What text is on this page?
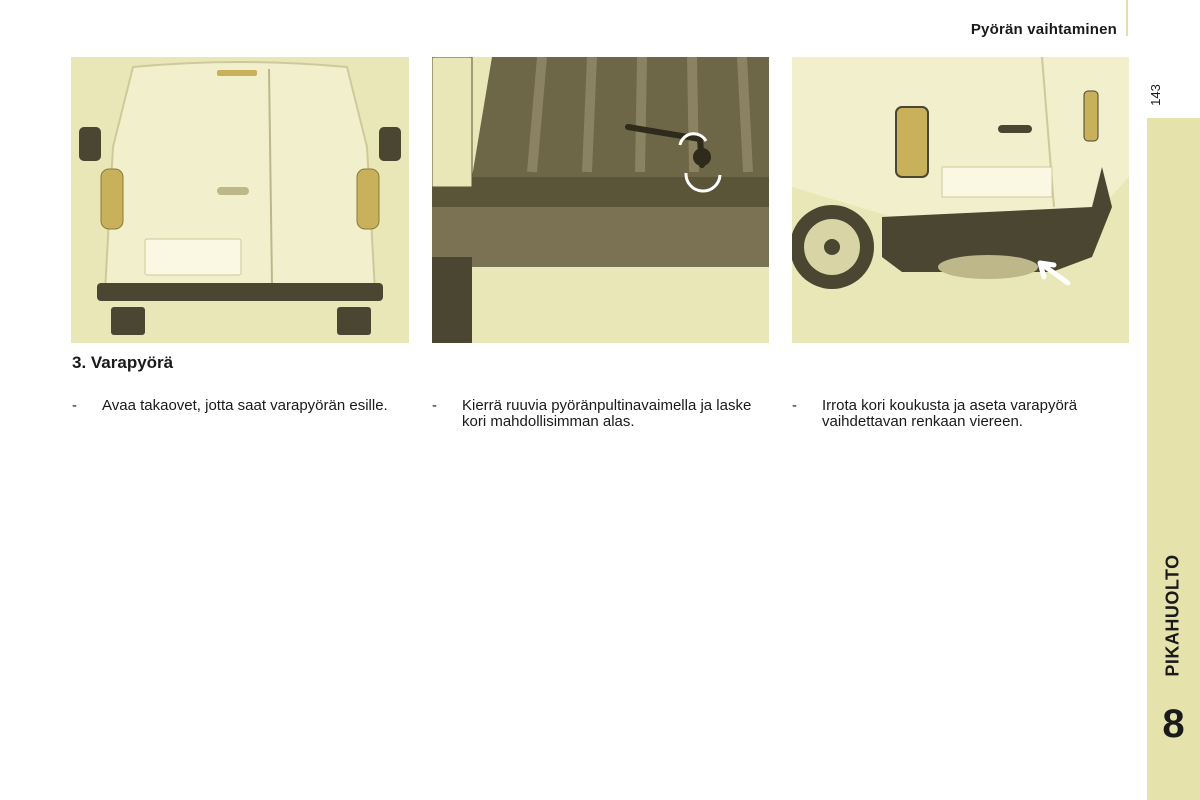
Pyörän vaihtaminen
143
PIKAHUOLTO
8
3. Varapyörä
- Avaa takaovet, jotta saat varapyörän esille.	- Kierrä ruuvia pyöränpultinavaimella ja laske kori mahdollisimman alas.
- Irrota kori koukusta ja aseta varapyörä vaihdettavan renkaan viereen.
